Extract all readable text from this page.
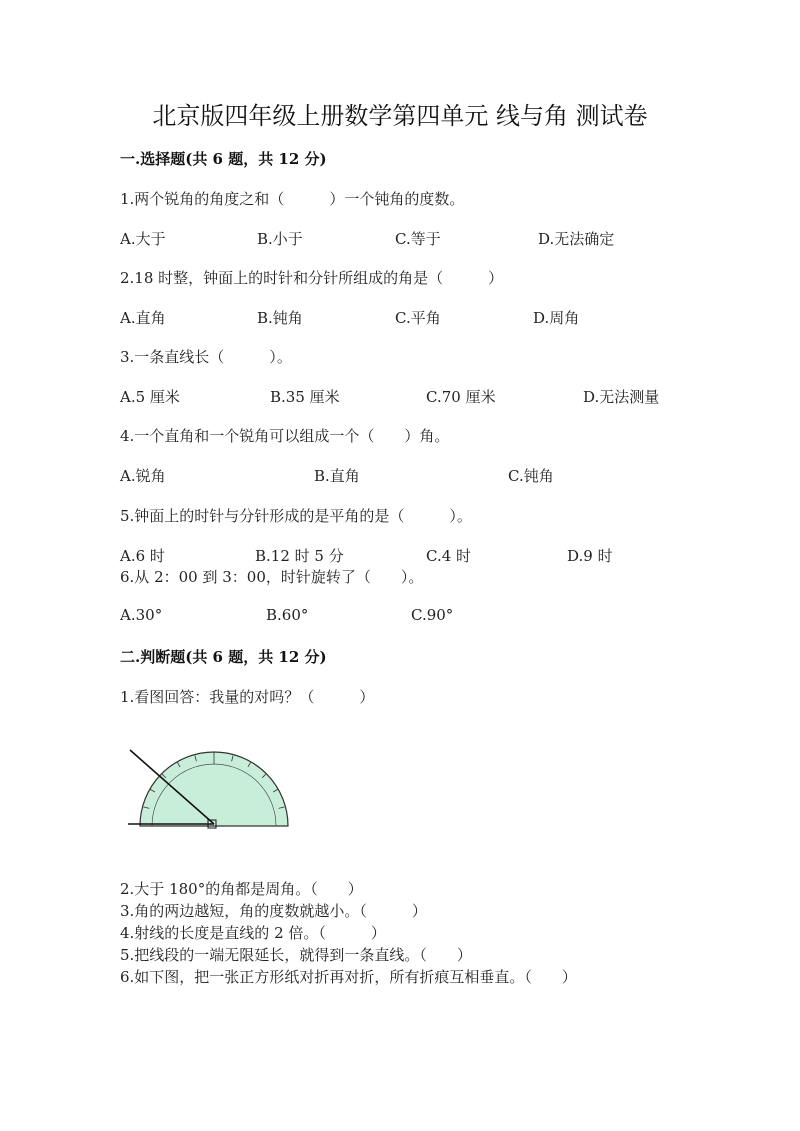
北京版四年级上册数学第四单元 线与角 测试卷
一.选择题(共 6 题，共 12 分)
1.两个锐角的角度之和（　　　）一个钝角的度数。
A.大于	B.小于	C.等于	D.无法确定
2.18 时整，钟面上的时针和分针所组成的角是（　　　）
A.直角	B.钝角	C.平角	D.周角
3.一条直线长（　　　）。
A.5 厘米	B.35 厘米	C.70 厘米	D.无法测量
4.一个直角和一个锐角可以组成一个（　　）角。
A.锐角	B.直角	C.钝角
5.钟面上的时针与分针形成的是平角的是（　　　）。
A.6 时	B.12 时 5 分	C.4 时	D.9 时
6.从 2：00 到 3：00，时针旋转了（　　）。
A.30°	B.60°	C.90°
二.判断题(共 6 题，共 12 分)
1.看图回答：我量的对吗？（　　　）
2.大于 180°的角都是周角。（　　）
3.角的两边越短，角的度数就越小。（　　　）
4.射线的长度是直线的 2 倍。（　　　）
5.把线段的一端无限延长，就得到一条直线。（　　）
6.如下图，把一张正方形纸对折再对折，所有折痕互相垂直。（　　）
